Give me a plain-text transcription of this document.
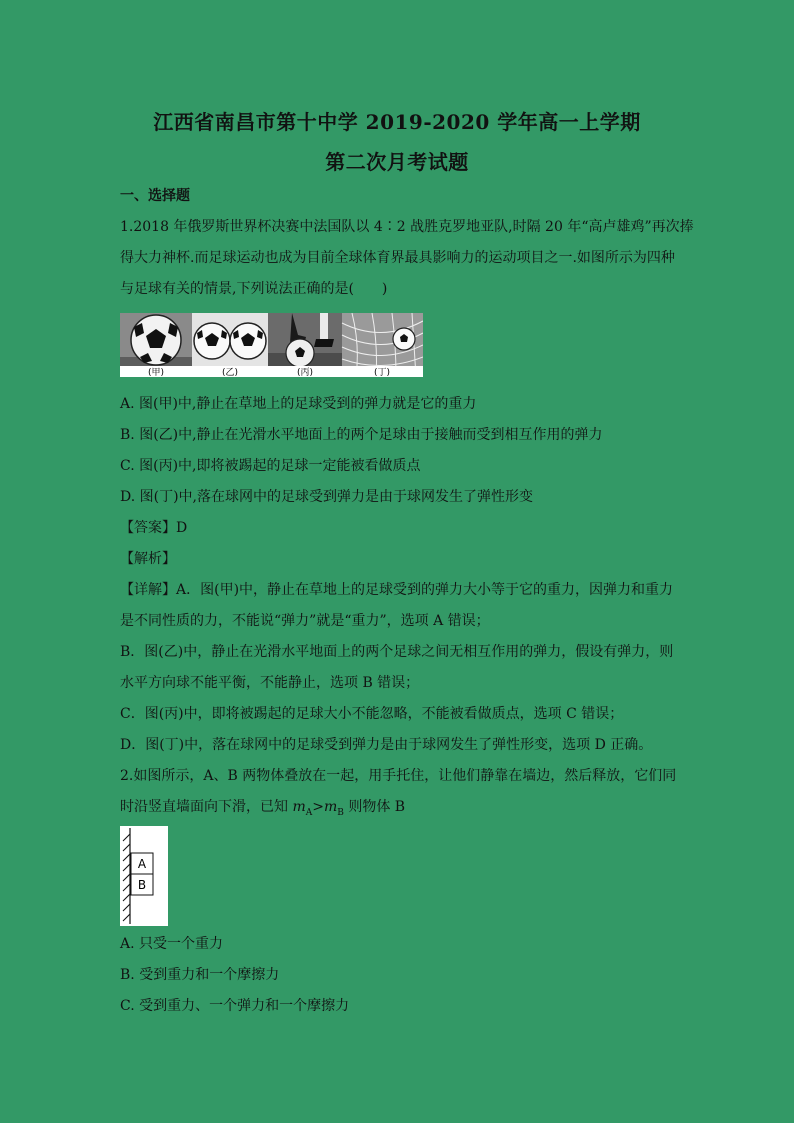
江西省南昌市第十中学 2019-2020 学年高一上学期
第二次月考试题
一、选择题
1.2018 年俄罗斯世界杯决赛中法国队以 4∶2 战胜克罗地亚队,时隔 20 年“高卢雄鸡”再次捧
得大力神杯.而足球运动也成为目前全球体育界最具影响力的运动项目之一.如图所示为四种
与足球有关的情景,下列说法正确的是(　　)
(甲)	(乙)	(丙)	(丁)
A. 图(甲)中,静止在草地上的足球受到的弹力就是它的重力
B. 图(乙)中,静止在光滑水平地面上的两个足球由于接触而受到相互作用的弹力
C. 图(丙)中,即将被踢起的足球一定能被看做质点
D. 图(丁)中,落在球网中的足球受到弹力是由于球网发生了弹性形变
【答案】D
【解析】
【详解】A．图(甲)中，静止在草地上的足球受到的弹力大小等于它的重力，因弹力和重力
是不同性质的力，不能说“弹力”就是“重力”，选项 A 错误；
B．图(乙)中，静止在光滑水平地面上的两个足球之间无相互作用的弹力，假设有弹力，则
水平方向球不能平衡，不能静止，选项 B 错误；
C．图(丙)中，即将被踢起的足球大小不能忽略，不能被看做质点，选项 C 错误；
D．图(丁)中，落在球网中的足球受到弹力是由于球网发生了弹性形变，选项 D 正确。
2.如图所示，A、B 两物体叠放在一起，用手托住，让他们静靠在墙边，然后释放，它们同
时沿竖直墙面向下滑，已知 $m_A>m_B$ 则物体 B
A
B
A. 只受一个重力
B. 受到重力和一个摩擦力
C. 受到重力、一个弹力和一个摩擦力
